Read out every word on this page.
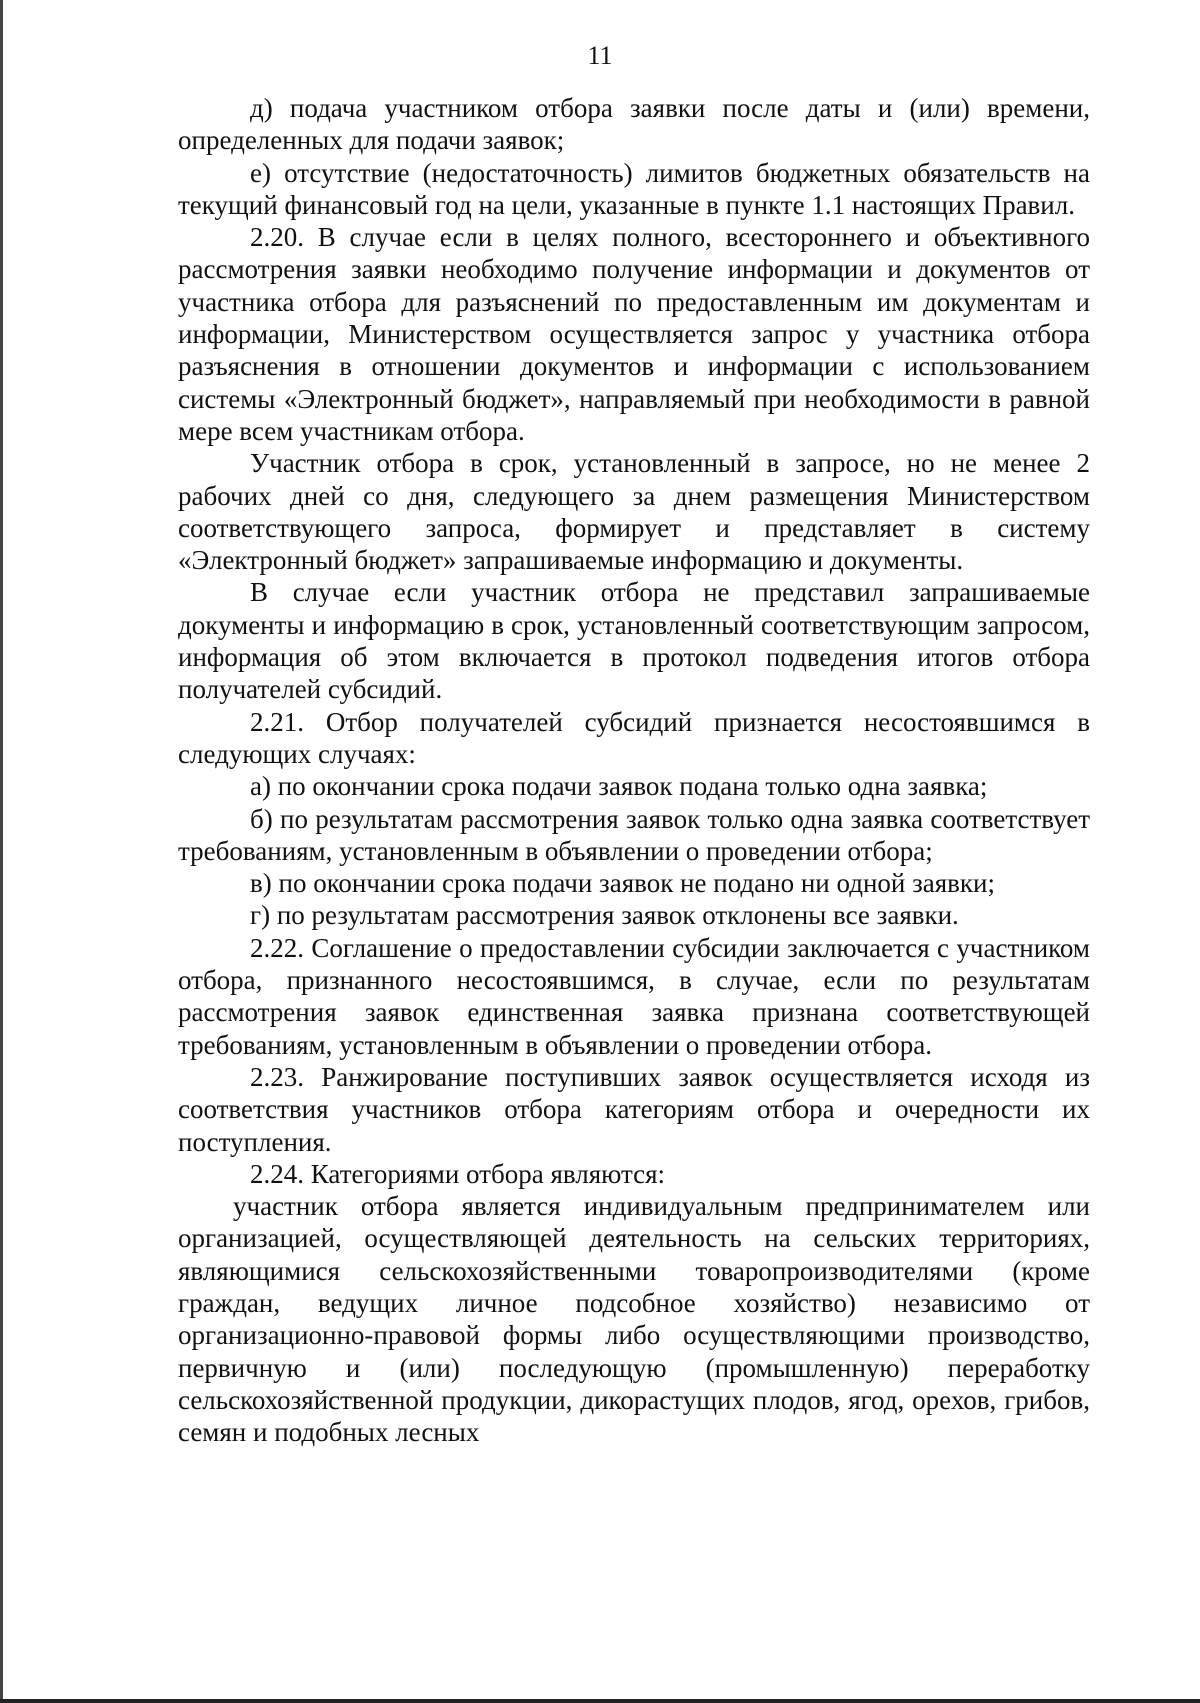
11

д) подача участником отбора заявки после даты и (или) времени, определенных для подачи заявок;

е) отсутствие (недостаточность) лимитов бюджетных обязательств на текущий финансовый год на цели, указанные в пункте 1.1 настоящих Правил.

2.20. В случае если в целях полного, всестороннего и объективного рассмотрения заявки необходимо получение информации и документов от участника отбора для разъяснений по предоставленным им документам и информации, Министерством осуществляется запрос у участника отбора разъяснения в отношении документов и информации с использованием системы «Электронный бюджет», направляемый при необходимости в равной мере всем участникам отбора.

Участник отбора в срок, установленный в запросе, но не менее 2 рабочих дней со дня, следующего за днем размещения Министерством соответствующего запроса, формирует и представляет в систему «Электронный бюджет» запрашиваемые информацию и документы.

В случае если участник отбора не представил запрашиваемые документы и информацию в срок, установленный соответствующим запросом, информация об этом включается в протокол подведения итогов отбора получателей субсидий.

2.21. Отбор получателей субсидий признается несостоявшимся в следующих случаях:

а) по окончании срока подачи заявок подана только одна заявка;

б) по результатам рассмотрения заявок только одна заявка соответствует требованиям, установленным в объявлении о проведении отбора;

в) по окончании срока подачи заявок не подано ни одной заявки;

г) по результатам рассмотрения заявок отклонены все заявки.

2.22. Соглашение о предоставлении субсидии заключается с участником отбора, признанного несостоявшимся, в случае, если по результатам рассмотрения заявок единственная заявка признана соответствующей требованиям, установленным в объявлении о проведении отбора.

2.23. Ранжирование поступивших заявок осуществляется исходя из соответствия участников отбора категориям отбора и очередности их поступления.

2.24. Категориями отбора являются:

участник отбора является индивидуальным предпринимателем или организацией, осуществляющей деятельность на сельских территориях, являющимися сельскохозяйственными товаропроизводителями (кроме граждан, ведущих личное подсобное хозяйство) независимо от организационно-правовой формы либо осуществляющими производство, первичную и (или) последующую (промышленную) переработку сельскохозяйственной продукции, дикорастущих плодов, ягод, орехов, грибов, семян и подобных лесных
